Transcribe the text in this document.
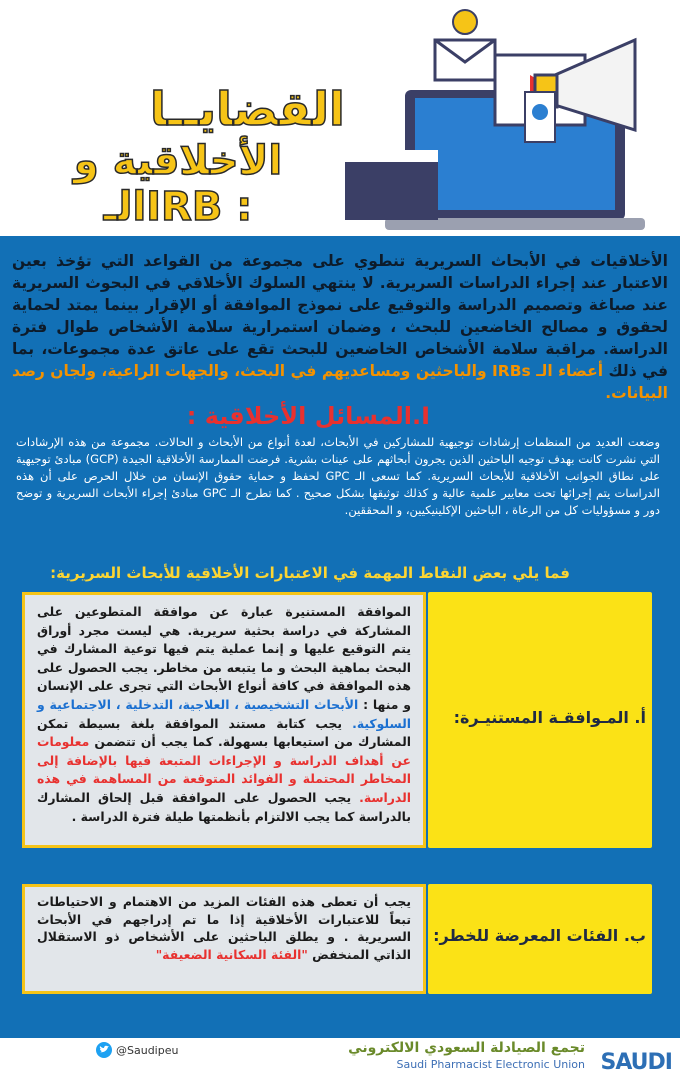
القضايــا
الأخلاقية و الـIRB :
الأخلاقيات في الأبحاث السريرية تنطوي على مجموعة من القواعد التي تؤخذ بعين الاعتبار عند إجراء الدراسات السريرية. لا ينتهي السلوك الأخلاقي في البحوث السريرية عند صياغة وتصميم الدراسة والتوقيع على نموذج الموافقة أو الإقرار بينما يمتد لحماية لحقوق و مصالح الخاضعين للبحث ، وضمان استمرارية سلامة الأشخاص طوال فترة الدراسة. مراقبة سلامة الأشخاص الخاضعين للبحث تقع على عاتق عدة مجموعات، بما في ذلك أعضاء الـ IRBs والباحثين ومساعديهم في البحث، والجهات الراعية، ولجان رصد البيانات.
I.المسائل الأخلاقية :
وضعت العديد من المنظمات إرشادات توجيهية للمشاركين في الأبحاث، لعدة أنواع من الأبحاث و الحالات. مجموعة من هذه الإرشادات التي نشرت كانت بهدف توجيه الباحثين الذين يجرون أبحاثهم على عينات بشرية. فرضت الممارسة الأخلاقية الجيدة (GCP) مبادئ توجيهية على نطاق الجوانب الأخلاقية للأبحاث السريرية. كما تسعى الـ GPC لحفظ و حماية حقوق الإنسان من خلال الحرص على أن هذه الدراسات يتم إجرائها تحت معايير علمية عالية و كذلك توثيقها بشكل صحيح . كما تطرح الـ GPC مبادئ إجراء الأبحاث السريرية و توضح دور و مسؤوليات كل من الرعاة ، الباحثين الإكلينيكيين، و المحققين.
فما يلي بعض النقاط المهمة في الاعتبارات الأخلاقية للأبحاث السريرية:
أ. المـوافقـة المستنيـرة:
الموافقة المستنيرة عبارة عن موافقة المتطوعين على المشاركة في دراسة بحثية سريرية. هي ليست مجرد أوراق يتم التوقيع عليها و إنما عملية يتم فيها توعية المشارك في البحث بماهية البحث و ما يتبعه من مخاطر. يجب الحصول على هذه الموافقة في كافة أنواع الأبحاث التي تجرى على الإنسان و منها : الأبحاث التشخيصية ، العلاجية، التدخلية ، الاجتماعية و السلوكية. يجب كتابة مستند الموافقة بلغة بسيطة تمكن المشارك من استيعابها بسهولة. كما يجب أن تتضمن معلومات عن أهداف الدراسة و الإجراءات المتبعة فيها بالإضافة إلى المخاطر المحتملة و الفوائد المتوقعة من المساهمة في هذه الدراسة. يجب الحصول على الموافقة قبل إلحاق المشارك بالدراسة كما يجب الالتزام بأنظمتها طيلة فترة الدراسة .
ب. الفئات المعرضة للخطر:
يجب أن تعطى هذه الفئات المزيد من الاهتمام و الاحتياطات تبعاً للاعتبارات الأخلاقية إذا ما تم إدراجهم في الأبحاث السريرية . و يطلق الباحثين على الأشخاص ذو الاستقلال الذاتي المنخفض "الفئة السكانية الضعيفة"
@Saudipeu	تجمع الصيادلة السعودي الالكتروني
Saudi Pharmacist Electronic Union SAUDI
